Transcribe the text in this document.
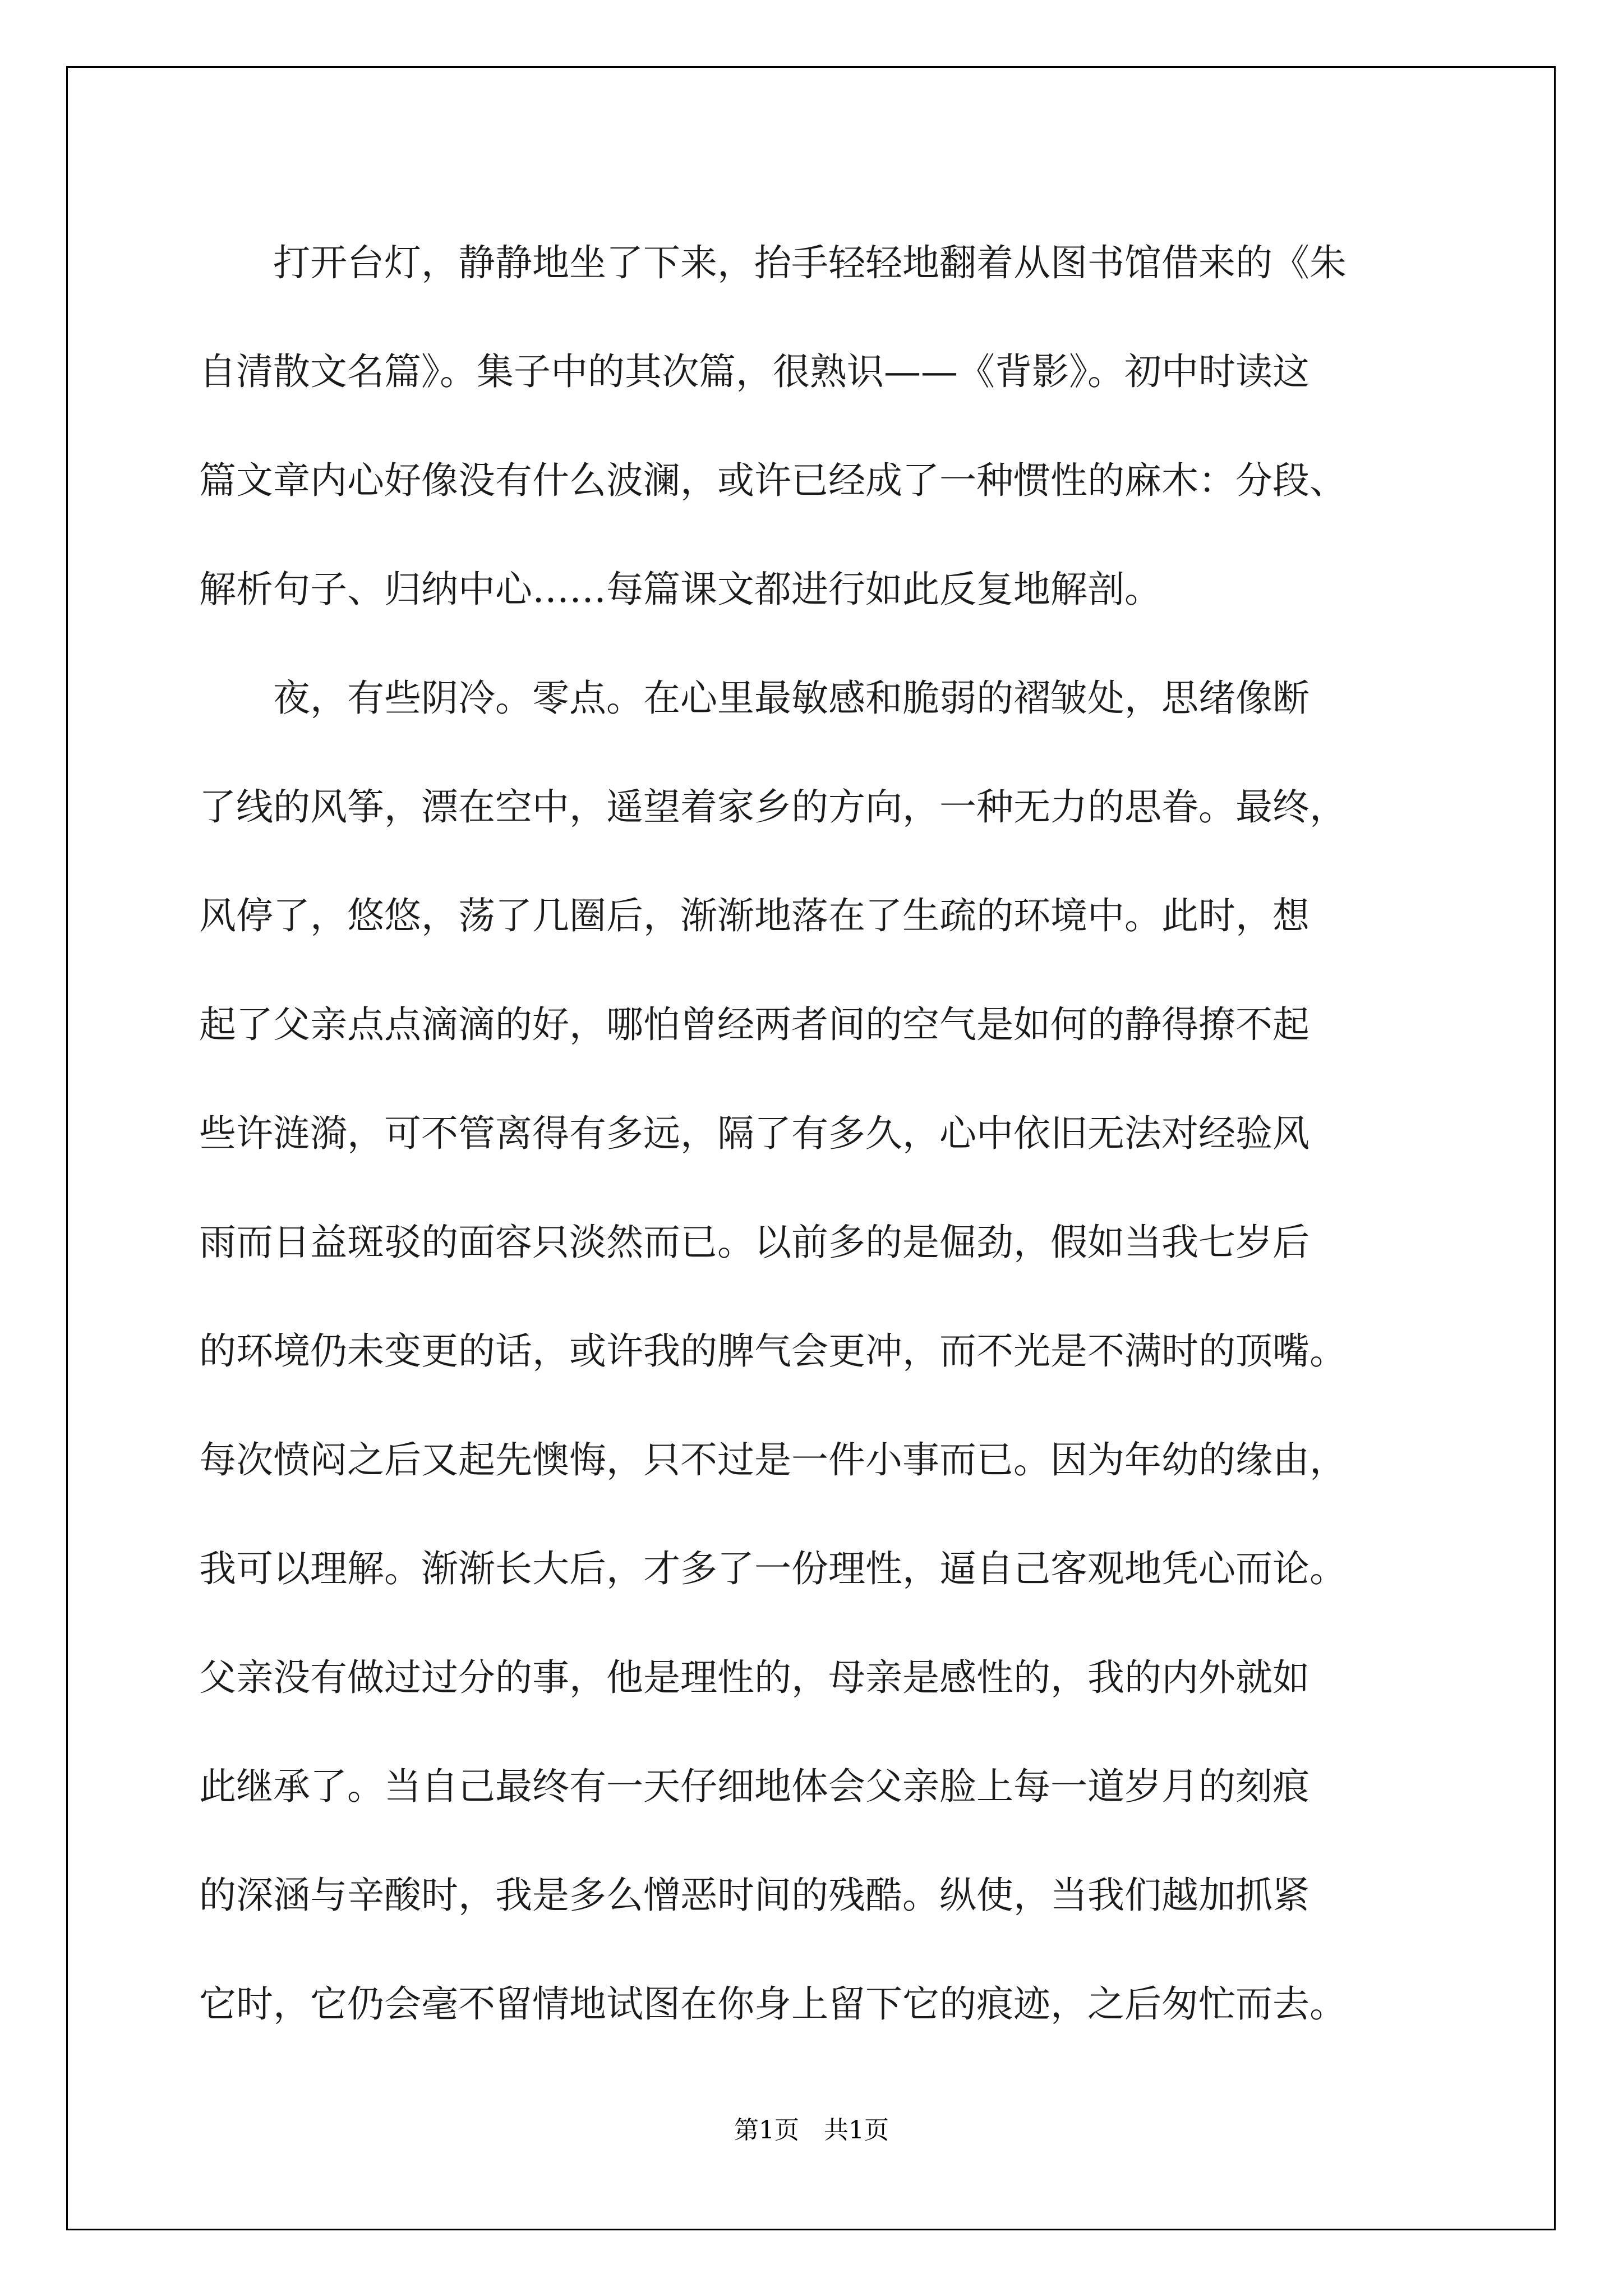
打开台灯，静静地坐了下来，抬手轻轻地翻着从图书馆借来的《朱
自清散文名篇》。集子中的其次篇，很熟识——《背影》。初中时读这
篇文章内心好像没有什么波澜，或许已经成了一种惯性的麻木：分段、
解析句子、归纳中心……每篇课文都进行如此反复地解剖。
夜，有些阴冷。零点。在心里最敏感和脆弱的褶皱处，思绪像断
了线的风筝，漂在空中，遥望着家乡的方向，一种无力的思眷。最终，
风停了，悠悠，荡了几圈后，渐渐地落在了生疏的环境中。此时，想
起了父亲点点滴滴的好，哪怕曾经两者间的空气是如何的静得撩不起
些许涟漪，可不管离得有多远，隔了有多久，心中依旧无法对经验风
雨而日益斑驳的面容只淡然而已。以前多的是倔劲，假如当我七岁后
的环境仍未变更的话，或许我的脾气会更冲，而不光是不满时的顶嘴。
每次愤闷之后又起先懊悔，只不过是一件小事而已。因为年幼的缘由，
我可以理解。渐渐长大后，才多了一份理性，逼自己客观地凭心而论。
父亲没有做过过分的事，他是理性的，母亲是感性的，我的内外就如
此继承了。当自己最终有一天仔细地体会父亲脸上每一道岁月的刻痕
的深涵与辛酸时，我是多么憎恶时间的残酷。纵使，当我们越加抓紧
它时，它仍会毫不留情地试图在你身上留下它的痕迹，之后匆忙而去。
第1页　共1页
